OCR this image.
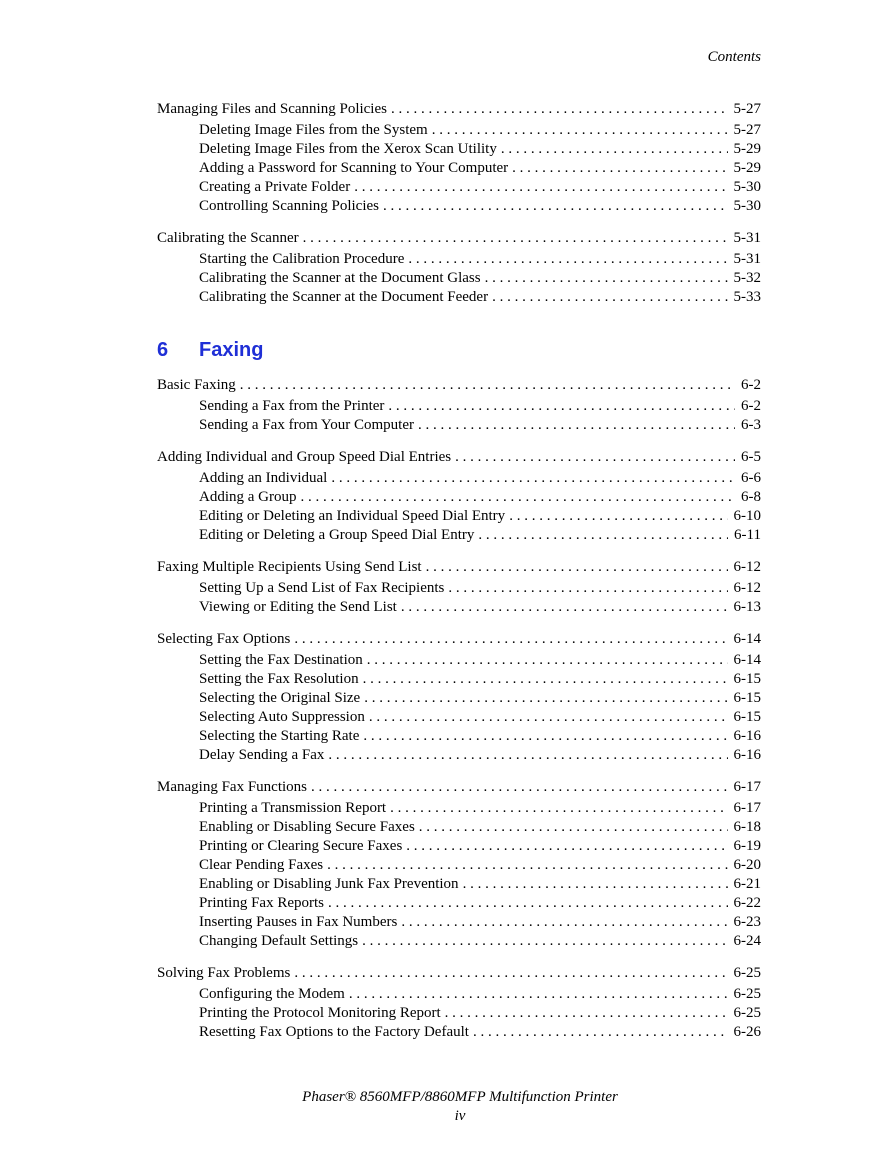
Contents
Managing Files and Scanning Policies . . .	5-27
Deleting Image Files from the System . . .	5-27
Deleting Image Files from the Xerox Scan Utility . . .	5-29
Adding a Password for Scanning to Your Computer . . .	5-29
Creating a Private Folder . . .	5-30
Controlling Scanning Policies . . .	5-30
Calibrating the Scanner . . .	5-31
Starting the Calibration Procedure . . .	5-31
Calibrating the Scanner at the Document Glass . . .	5-32
Calibrating the Scanner at the Document Feeder . . .	5-33
6	Faxing
Basic Faxing . . .	6-2
Sending a Fax from the Printer . . .	6-2
Sending a Fax from Your Computer . . .	6-3
Adding Individual and Group Speed Dial Entries . . .	6-5
Adding an Individual . . .	6-6
Adding a Group . . .	6-8
Editing or Deleting an Individual Speed Dial Entry . . .	6-10
Editing or Deleting a Group Speed Dial Entry . . .	6-11
Faxing Multiple Recipients Using Send List . . .	6-12
Setting Up a Send List of Fax Recipients . . .	6-12
Viewing or Editing the Send List . . .	6-13
Selecting Fax Options . . .	6-14
Setting the Fax Destination . . .	6-14
Setting the Fax Resolution . . .	6-15
Selecting the Original Size . . .	6-15
Selecting Auto Suppression . . .	6-15
Selecting the Starting Rate . . .	6-16
Delay Sending a Fax . . .	6-16
Managing Fax Functions . . .	6-17
Printing a Transmission Report . . .	6-17
Enabling or Disabling Secure Faxes . . .	6-18
Printing or Clearing Secure Faxes . . .	6-19
Clear Pending Faxes . . .	6-20
Enabling or Disabling Junk Fax Prevention . . .	6-21
Printing Fax Reports . . .	6-22
Inserting Pauses in Fax Numbers . . .	6-23
Changing Default Settings . . .	6-24
Solving Fax Problems . . .	6-25
Configuring the Modem . . .	6-25
Printing the Protocol Monitoring Report . . .	6-25
Resetting Fax Options to the Factory Default . . .	6-26
Phaser® 8560MFP/8860MFP Multifunction Printer
iv
